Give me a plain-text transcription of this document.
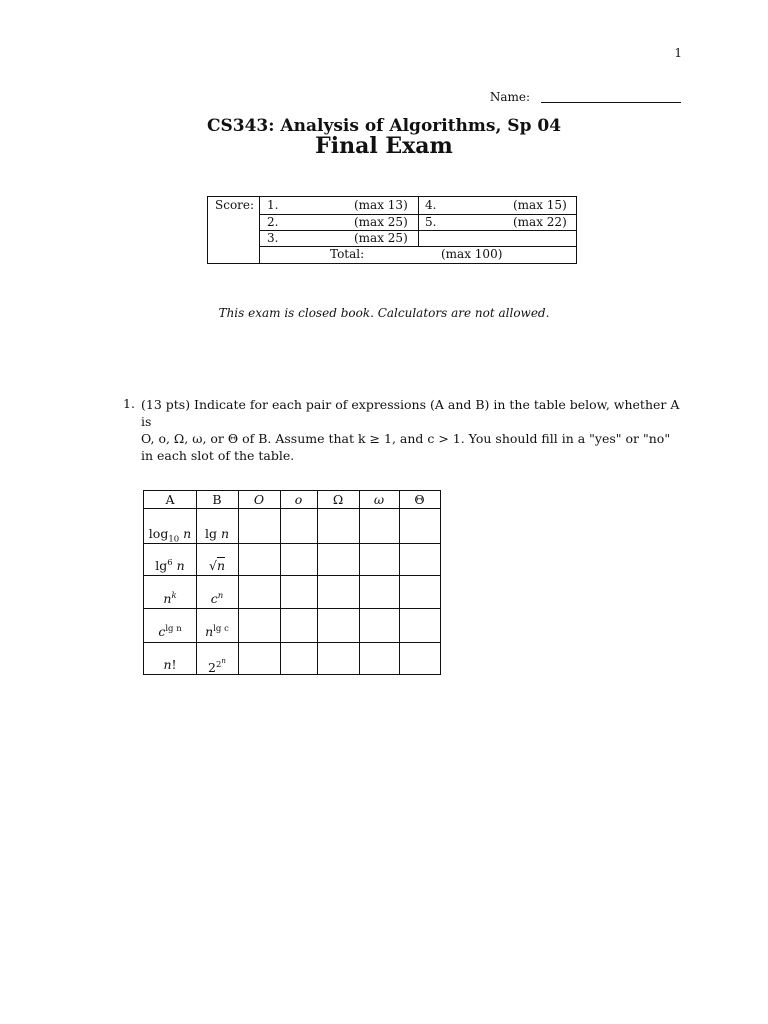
1
Name:
CS343: Analysis of Algorithms, Sp 04
Final Exam
Score: 1.	(max 13) 4.	(max 15)
2.	(max 25) 5.	(max 22)
3.	(max 25)
Total:	(max 100)
This exam is closed book. Calculators are not allowed.
1. (13 pts) Indicate for each pair of expressions (A and B) in the table below, whether A is
O, o, Ω, ω, or Θ of B. Assume that k ≥ 1, and c > 1. You should fill in a "yes" or "no"
in each slot of the table.
A	B	O	o	Ω	ω	Θ
$\log_{10} n$	lg n
$\lg^6 n$	√n
$n^k$	$c^n$
$c^{lg n}$	$n^{lg c}$
n!	$2^{2^n}$
